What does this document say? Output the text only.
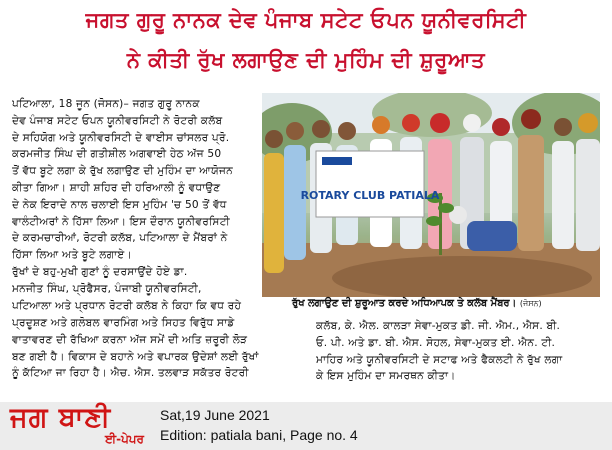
ਜਗਤ ਗੁਰੂ ਨਾਨਕ ਦੇਵ ਪੰਜਾਬ ਸਟੇਟ ਓਪਨ ਯੂਨੀਵਰਸਿਟੀ
ਨੇ ਕੀਤੀ ਰੁੱਖ ਲਗਾਉਣ ਦੀ ਮੁਹਿੰਮ ਦੀ ਸ਼ੁਰੂਆਤ

ਪਟਿਆਲਾ, 18 ਜੂਨ (ਜੋਸਨ)– ਜਗਤ ਗੁਰੂ ਨਾਨਕ

ਦੇਵ ਪੰਜਾਬ ਸਟੇਟ ਓਪਨ ਯੂਨੀਵਰਸਿਟੀ ਨੇ ਰੋਟਰੀ ਕਲੱਬ

ਦੇ ਸਹਿਯੋਗ ਅਤੇ ਯੂਨੀਵਰਸਿਟੀ ਦੇ ਵਾਈਸ ਚਾਂਸਲਰ ਪ੍ਰੋ.

ਕਰਮਜੀਤ ਸਿੰਘ ਦੀ ਗਤੀਸ਼ੀਲ ਅਗਵਾਈ ਹੇਠ ਅੱਜ 50

ਤੋਂ ਵੱਧ ਬੂਟੇ ਲਗਾ ਕੇ ਰੁੱਖ ਲਗਾਉਣ ਦੀ ਮੁਹਿੰਮ ਦਾ ਆਯੋਜਨ

ਕੀਤਾ ਗਿਆ। ਸ਼ਾਹੀ ਸ਼ਹਿਰ ਦੀ ਹਰਿਆਲੀ ਨੂੰ ਵਧਾਉਣ

ਦੇ ਨੇਕ ਇਰਾਦੇ ਨਾਲ ਚਲਾਈ ਇਸ ਮੁਹਿੰਮ 'ਚ 50 ਤੋਂ ਵੱਧ

ਵਾਲੰਟੀਅਰਾਂ ਨੇ ਹਿੱਸਾ ਲਿਆ। ਇਸ ਦੌਰਾਨ ਯੂਨੀਵਰਸਿਟੀ

ਦੇ ਕਰਮਚਾਰੀਆਂ, ਰੋਟਰੀ ਕਲੱਬ, ਪਟਿਆਲਾ ਦੇ ਮੈਂਬਰਾਂ ਨੇ

ਹਿੱਸਾ ਲਿਆ ਅਤੇ ਬੂਟੇ ਲਗਾਏ।

ROTARY CLUB PATIALA
ਰੁੱਖ ਲਗਾਉਣ ਦੀ ਸ਼ੁਰੂਆਤ ਕਰਦੇ ਅਧਿਆਪਕ ਤੇ ਕਲੱਬ ਮੈਂਬਰ। (ਜੋਸਨ)

ਰੁੱਖਾਂ ਦੇ ਬਹੁ-ਮੁਖੀ ਗੁਣਾਂ ਨੂੰ ਦਰਸਾਉਂਦੇ ਹੋਏ ਡਾ.

ਮਨਜੀਤ ਸਿੰਘ, ਪ੍ਰੋਫੈਸਰ, ਪੰਜਾਬੀ ਯੂਨੀਵਰਸਿਟੀ,

ਪਟਿਆਲਾ ਅਤੇ ਪ੍ਰਧਾਨ ਰੋਟਰੀ ਕਲੱਬ ਨੇ ਕਿਹਾ ਕਿ ਵਧ ਰਹੇ

ਪ੍ਰਦੂਸ਼ਣ ਅਤੇ ਗਲੋਬਲ ਵਾਰਮਿੰਗ ਅਤੇ ਸਿਹਤ ਵਿਰੁੱਧ ਸਾਡੇ

ਵਾਤਾਵਰਣ ਦੀ ਰੱਖਿਆ ਕਰਨਾ ਅੱਜ ਸਮੇਂ ਦੀ ਅਤਿ ਜ਼ਰੂਰੀ ਲੋੜ

ਬਣ ਗਈ ਹੈ। ਵਿਕਾਸ ਦੇ ਬਹਾਨੇ ਅਤੇ ਵਪਾਰਕ ਉਦੇਸ਼ਾਂ ਲਈ ਰੁੱਖਾਂ

ਨੂੰ ਕੱਟਿਆ ਜਾ ਰਿਹਾ ਹੈ। ਐਚ. ਐਸ. ਤਲਵਾੜ ਸਕੱਤਰ ਰੋਟਰੀ

ਕਲੱਬ, ਕੇ. ਐਲ. ਕਾਲੜਾ ਸੇਵਾ-ਮੁਕਤ ਡੀ. ਜੀ. ਐਮ., ਐਸ. ਬੀ.

ਓ. ਪੀ. ਅਤੇ ਡਾ. ਬੀ. ਐਸ. ਸੋਹਲ, ਸੇਵਾ-ਮੁਕਤ ਈ. ਐਨ. ਟੀ.

ਮਾਹਿਰ ਅਤੇ ਯੂਨੀਵਰਸਿਟੀ ਦੇ ਸਟਾਫ ਅਤੇ ਫੈਕਲਟੀ ਨੇ ਰੁੱਖ ਲਗਾ

ਕੇ ਇਸ ਮੁਹਿੰਮ ਦਾ ਸਮਰਥਨ ਕੀਤਾ।

ਜਗ ਬਾਣੀ
ਈ-ਪੇਪਰ
Sat,19 June 2021
Edition: patiala bani, Page no. 4
